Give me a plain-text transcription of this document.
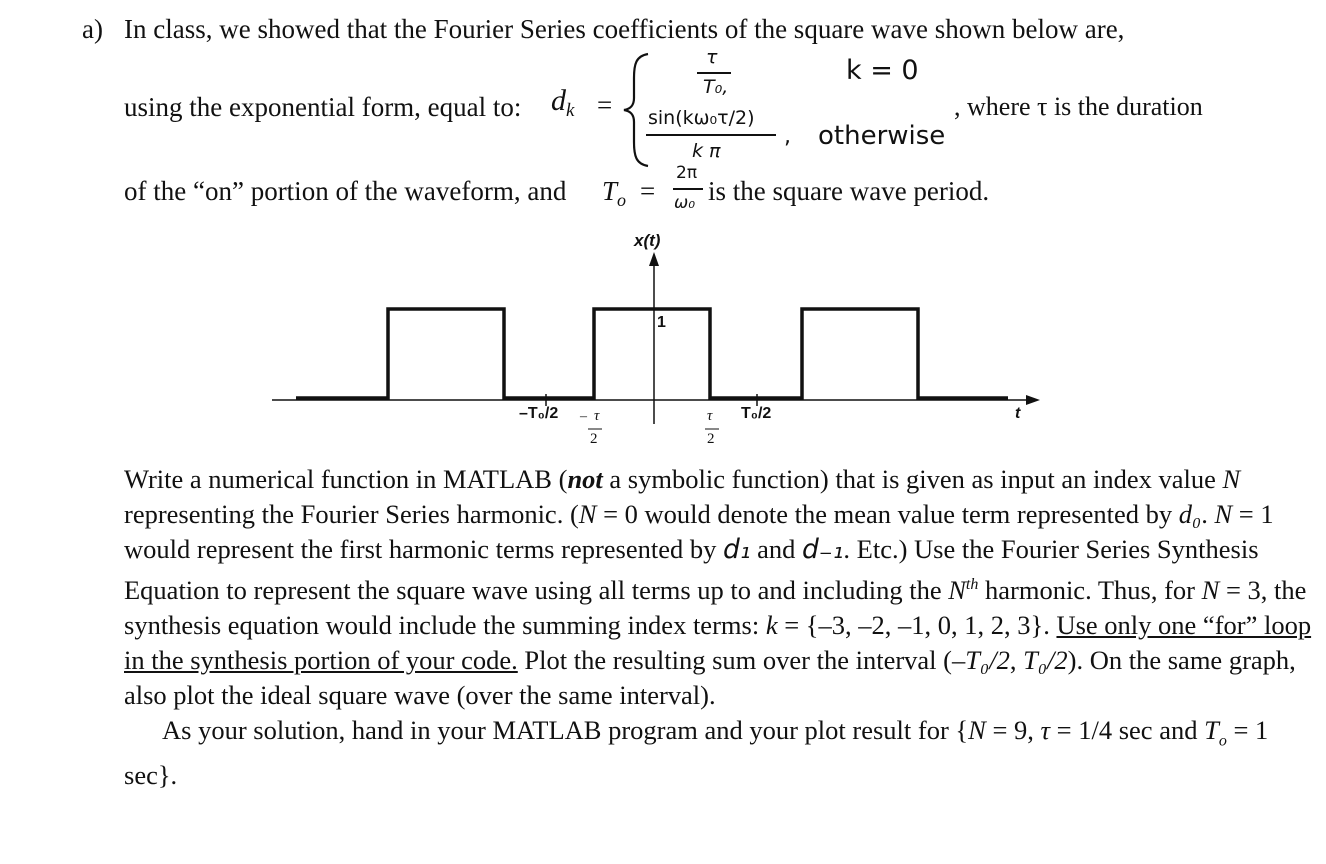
a) In class, we showed that the Fourier Series coefficients of the square wave shown below are,
using the exponential form, equal to: $d_k$ =
τ
T₀,
k = 0
sin(kω₀τ/2)
k π
, otherwise
, where τ is the duration
of the “on” portion of the waveform, and $T_o$ =
2π
ω₀ is the square wave period.
x(t)
1
t
–T₀/2 – τ
2
τ
2
T₀/2

Write a numerical function in MATLAB (not a symbolic function) that is given as input an index value N representing the Fourier Series harmonic. (N = 0 would denote the mean value term represented by d₀. N = 1 would represent the first harmonic terms represented by d₁ and d₋₁. Etc.) Use the Fourier Series Synthesis Equation to represent the square wave using all terms up to and including the $N^{th}$ harmonic. Thus, for N = 3, the synthesis equation would include the summing index terms: k = {–3, –2, –1, 0, 1, 2, 3}. Use only one “for” loop in the synthesis portion of your code. Plot the resulting sum over the interval (–T₀/2, T₀/2). On the same graph, also plot the ideal square wave (over the same interval).

As your solution, hand in your MATLAB program and your plot result for {N = 9, τ = 1/4 sec and $T_o = 1$ sec}.
